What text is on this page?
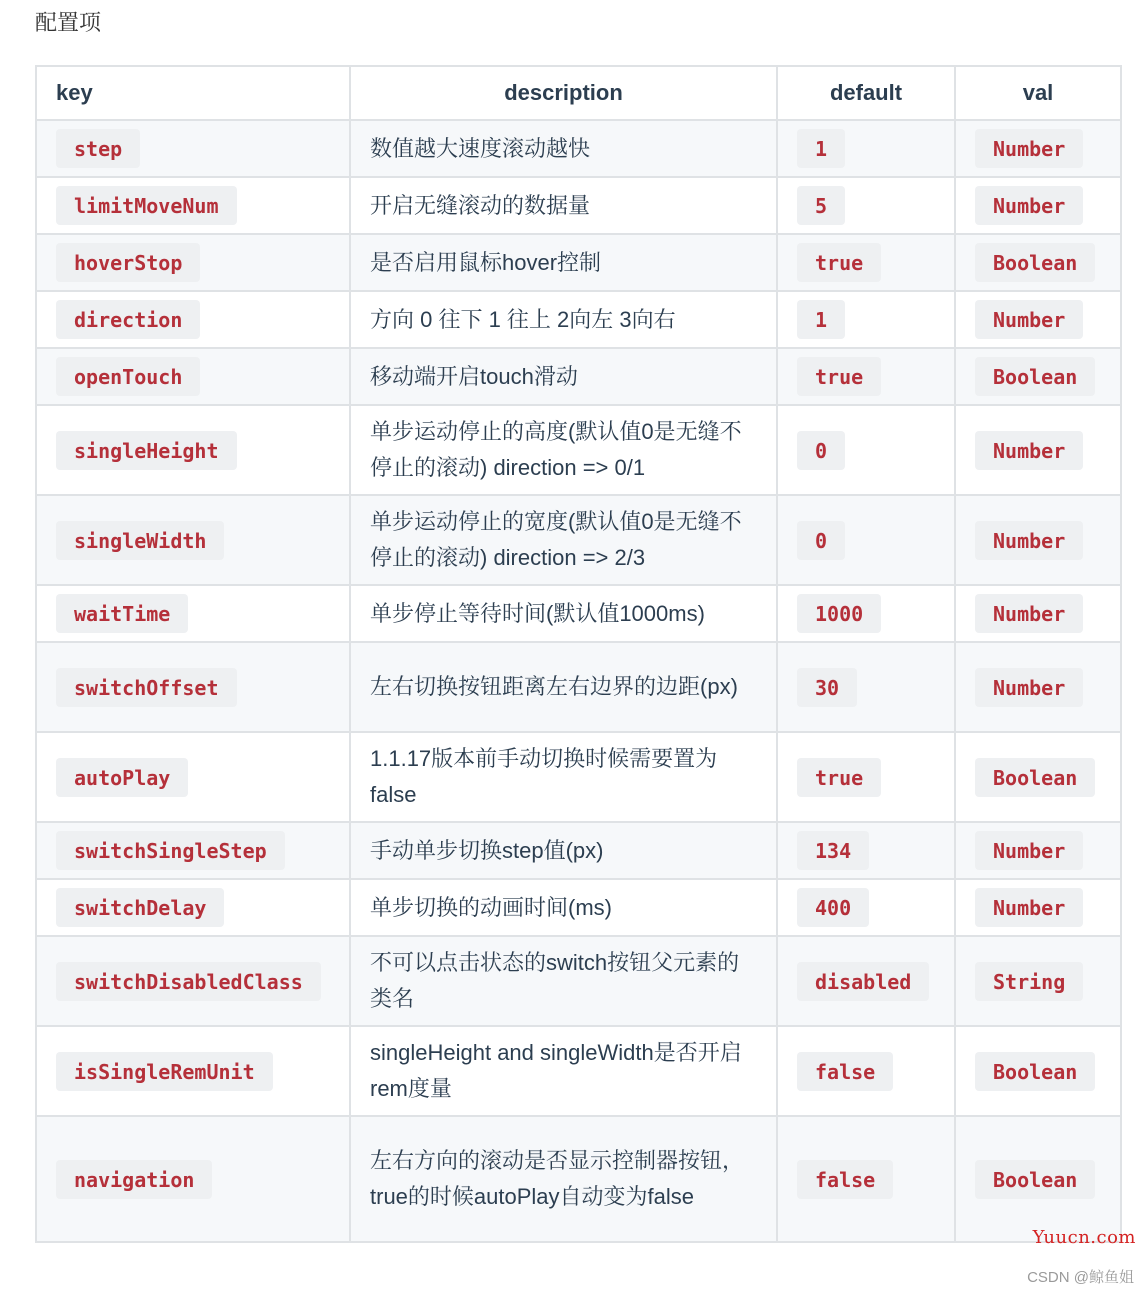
配置项
key	description	default	val
step	数值越大速度滚动越快	1	Number
limitMoveNum	开启无缝滚动的数据量	5	Number
hoverStop	是否启用鼠标hover控制	true	Boolean
direction	方向 0 往下 1 往上 2向左 3向右	1	Number
openTouch	移动端开启touch滑动	true	Boolean
singleHeight	单步运动停止的高度(默认值0是无缝不停止的滚动) direction => 0/1	0	Number
singleWidth	单步运动停止的宽度(默认值0是无缝不停止的滚动) direction => 2/3	0	Number
waitTime	单步停止等待时间(默认值1000ms)	1000	Number
switchOffset	左右切换按钮距离左右边界的边距(px)	30	Number
autoPlay	1.1.17版本前手动切换时候需要置为false	true	Boolean
switchSingleStep	手动单步切换step值(px)	134	Number
switchDelay	单步切换的动画时间(ms)	400	Number
switchDisabledClass	不可以点击状态的switch按钮父元素的类名	disabled	String
isSingleRemUnit	singleHeight and singleWidth是否开启rem度量	false	Boolean
navigation	左右方向的滚动是否显示控制器按钮，true的时候autoPlay自动变为false	false	Boolean
Yuucn.com
CSDN @鲸鱼姐
